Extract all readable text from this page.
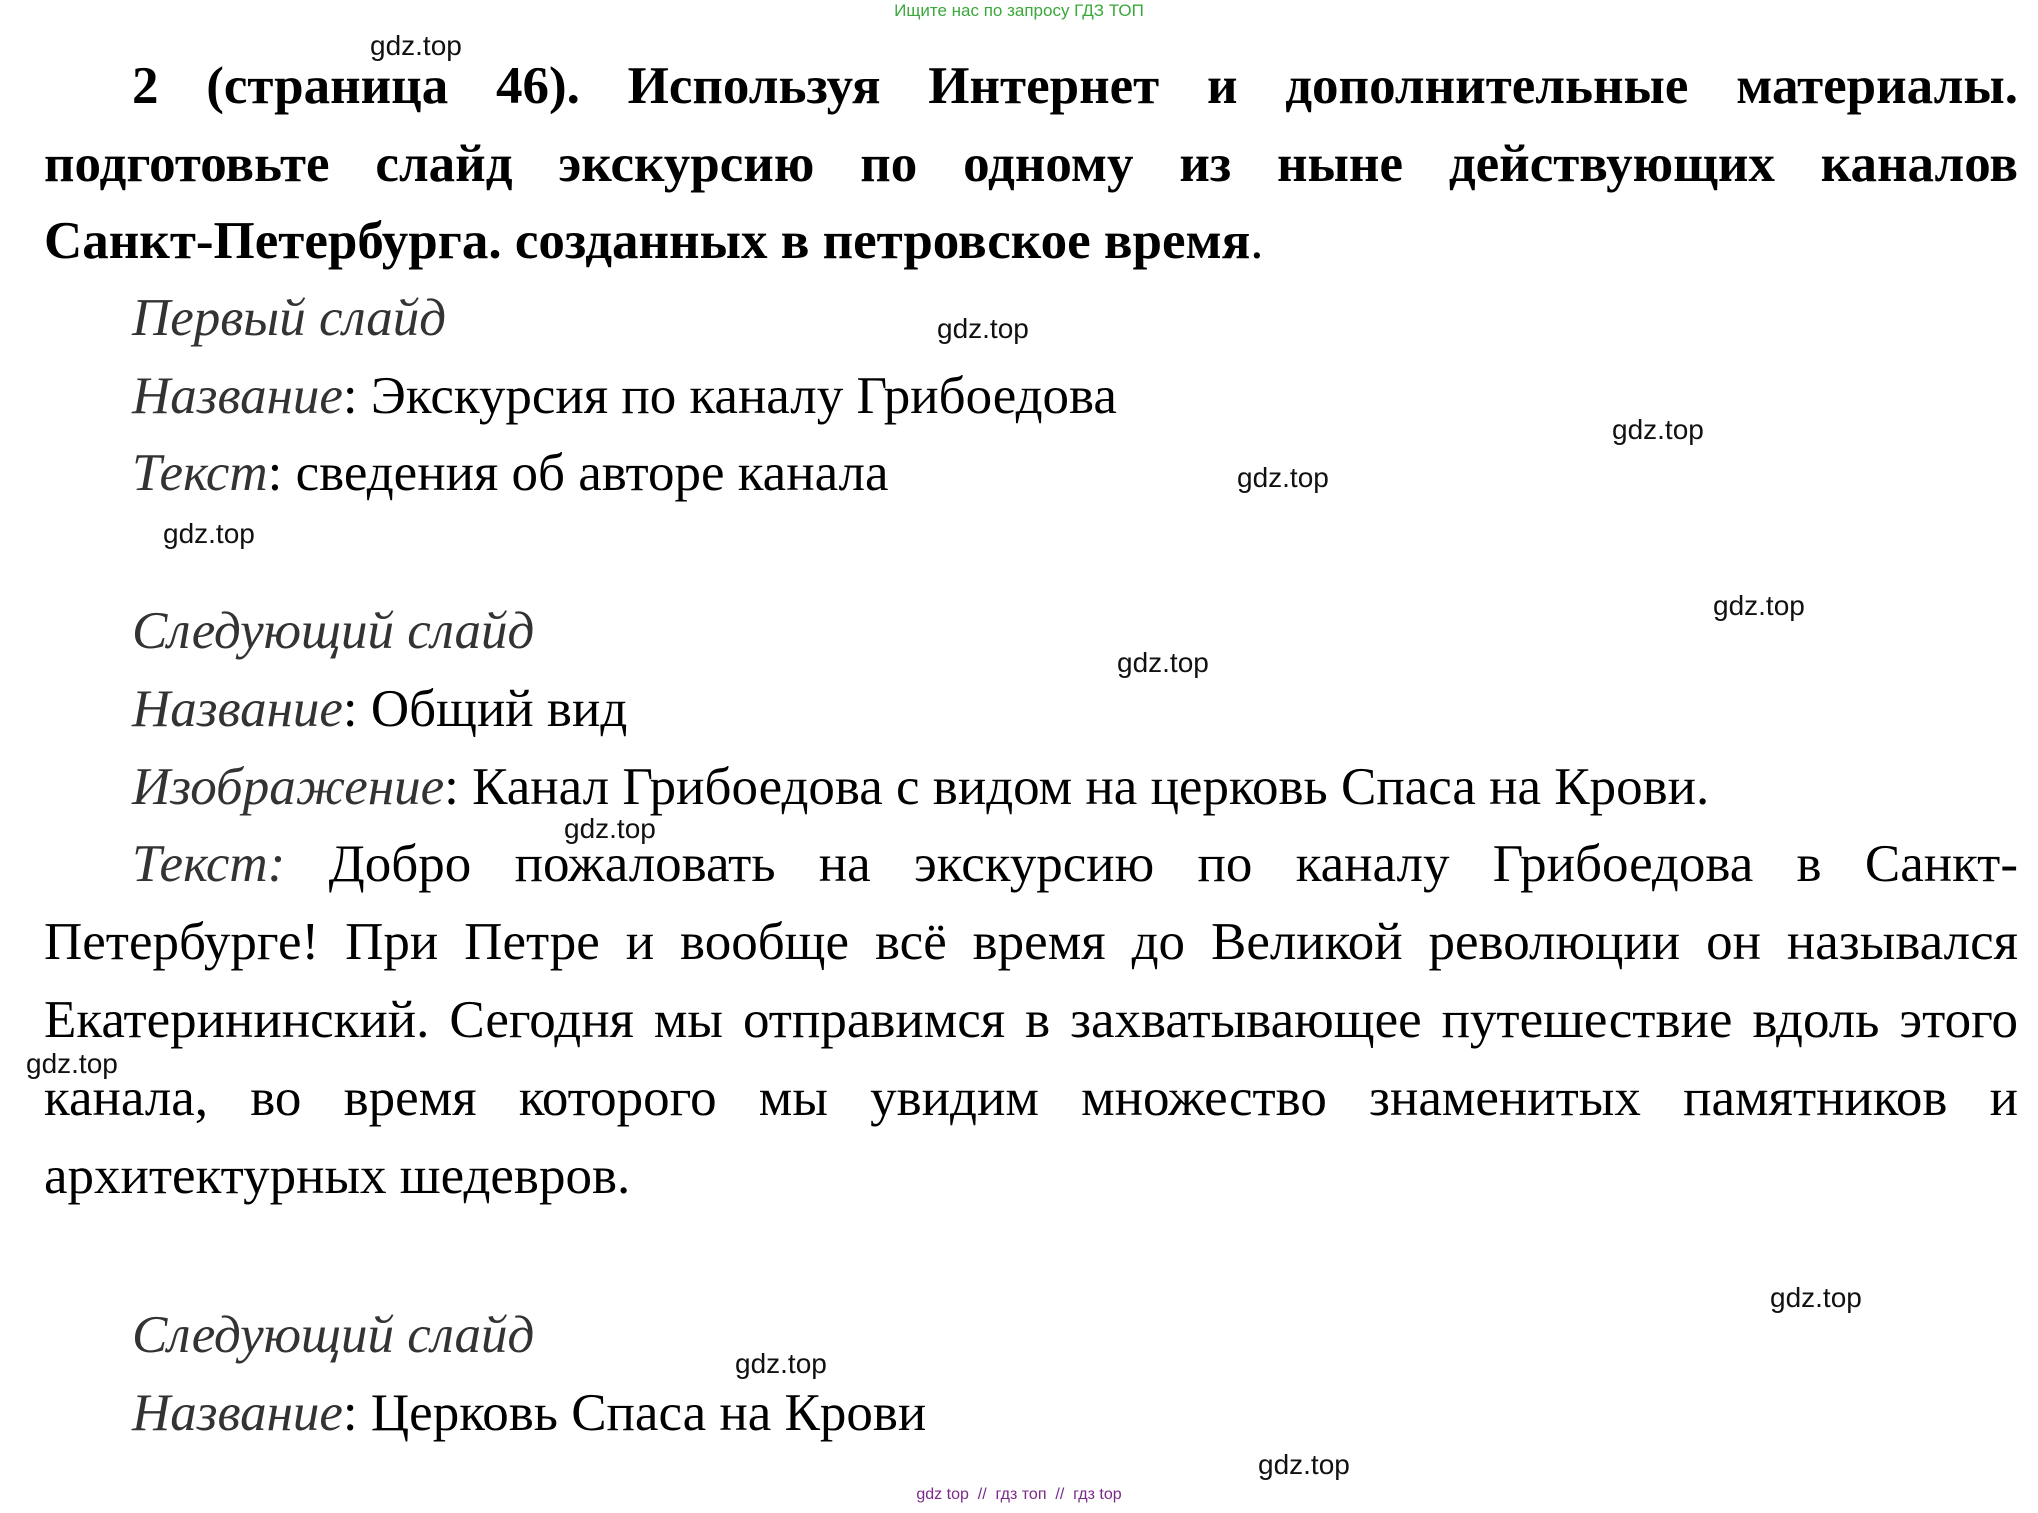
Ищите нас по запросу ГДЗ ТОП
gdz.top
gdz.top
gdz.top
gdz.top
gdz.top
gdz.top
gdz.top
gdz.top
gdz.top
gdz.top
gdz.top
gdz.top
2 (страница 46). Используя Интернет и дополнительные материалы.
подготовьте слайд экскурсию по одному из ныне действующих каналов
Санкт-Петербурга. созданных в петровское время.
Первый слайд
Название: Экскурсия по каналу Грибоедова
Текст: сведения об авторе канала
Следующий слайд
Название: Общий вид
Изображение: Канал Грибоедова с видом на церковь Спаса на Крови.
Текст: Добро пожаловать на экскурсию по каналу Грибоедова в Санкт-Петербурге! При Петре и вообще всё время до Великой революции он назывался Екатерининский. Сегодня мы отправимся в захватывающее путешествие вдоль этого канала, во время которого мы увидим множество знаменитых памятников и архитектурных шедевров.
Следующий слайд
Название: Церковь Спаса на Крови
gdz top  //  гдз топ  //  гдз top
